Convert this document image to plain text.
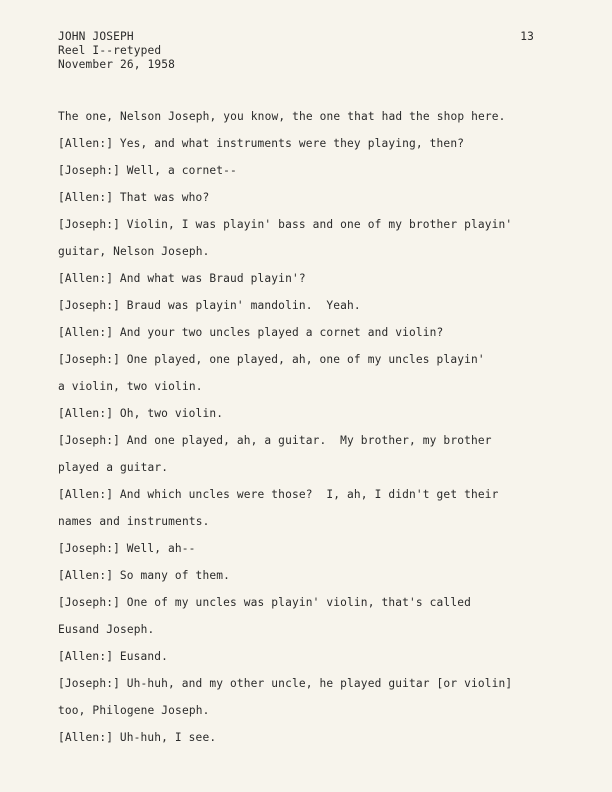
JOHN JOSEPH
Reel I--retyped
November 26, 1958
13
The one, Nelson Joseph, you know, the one that had the shop here.
[Allen:] Yes, and what instruments were they playing, then?
[Joseph:] Well, a cornet--
[Allen:] That was who?
[Joseph:] Violin, I was playin' bass and one of my brother playin'
guitar, Nelson Joseph.
[Allen:] And what was Braud playin'?
[Joseph:] Braud was playin' mandolin.  Yeah.
[Allen:] And your two uncles played a cornet and violin?
[Joseph:] One played, one played, ah, one of my uncles playin'
a violin, two violin.
[Allen:] Oh, two violin.
[Joseph:] And one played, ah, a guitar.  My brother, my brother
played a guitar.
[Allen:] And which uncles were those?  I, ah, I didn't get their
names and instruments.
[Joseph:] Well, ah--
[Allen:] So many of them.
[Joseph:] One of my uncles was playin' violin, that's called
Eusand Joseph.
[Allen:] Eusand.
[Joseph:] Uh-huh, and my other uncle, he played guitar [or violin]
too, Philogene Joseph.
[Allen:] Uh-huh, I see.
